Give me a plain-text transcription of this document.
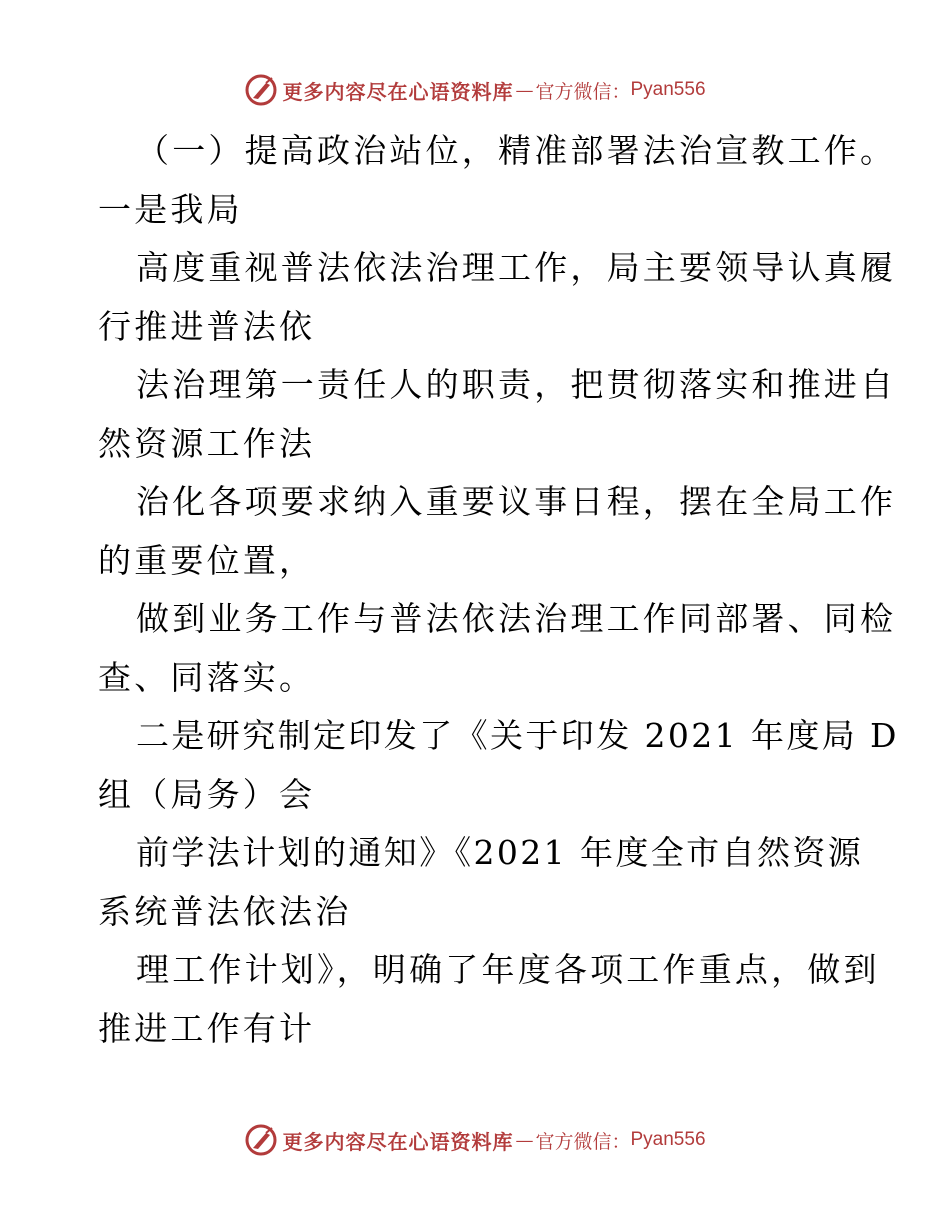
更多内容尽在心语资料库 — 官方微信： Pyan556
（一）提高政治站位，精准部署法治宣教工作。
一是我局
高度重视普法依法治理工作，局主要领导认真履
行推进普法依
法治理第一责任人的职责，把贯彻落实和推进自
然资源工作法
治化各项要求纳入重要议事日程，摆在全局工作
的重要位置，
做到业务工作与普法依法治理工作同部署、同检
查、同落实。
二是研究制定印发了《关于印发 2021 年度局 D
组（局务）会
前学法计划的通知》《2021 年度全市自然资源
系统普法依法治
理工作计划》，明确了年度各项工作重点，做到
推进工作有计
更多内容尽在心语资料库 — 官方微信： Pyan556
